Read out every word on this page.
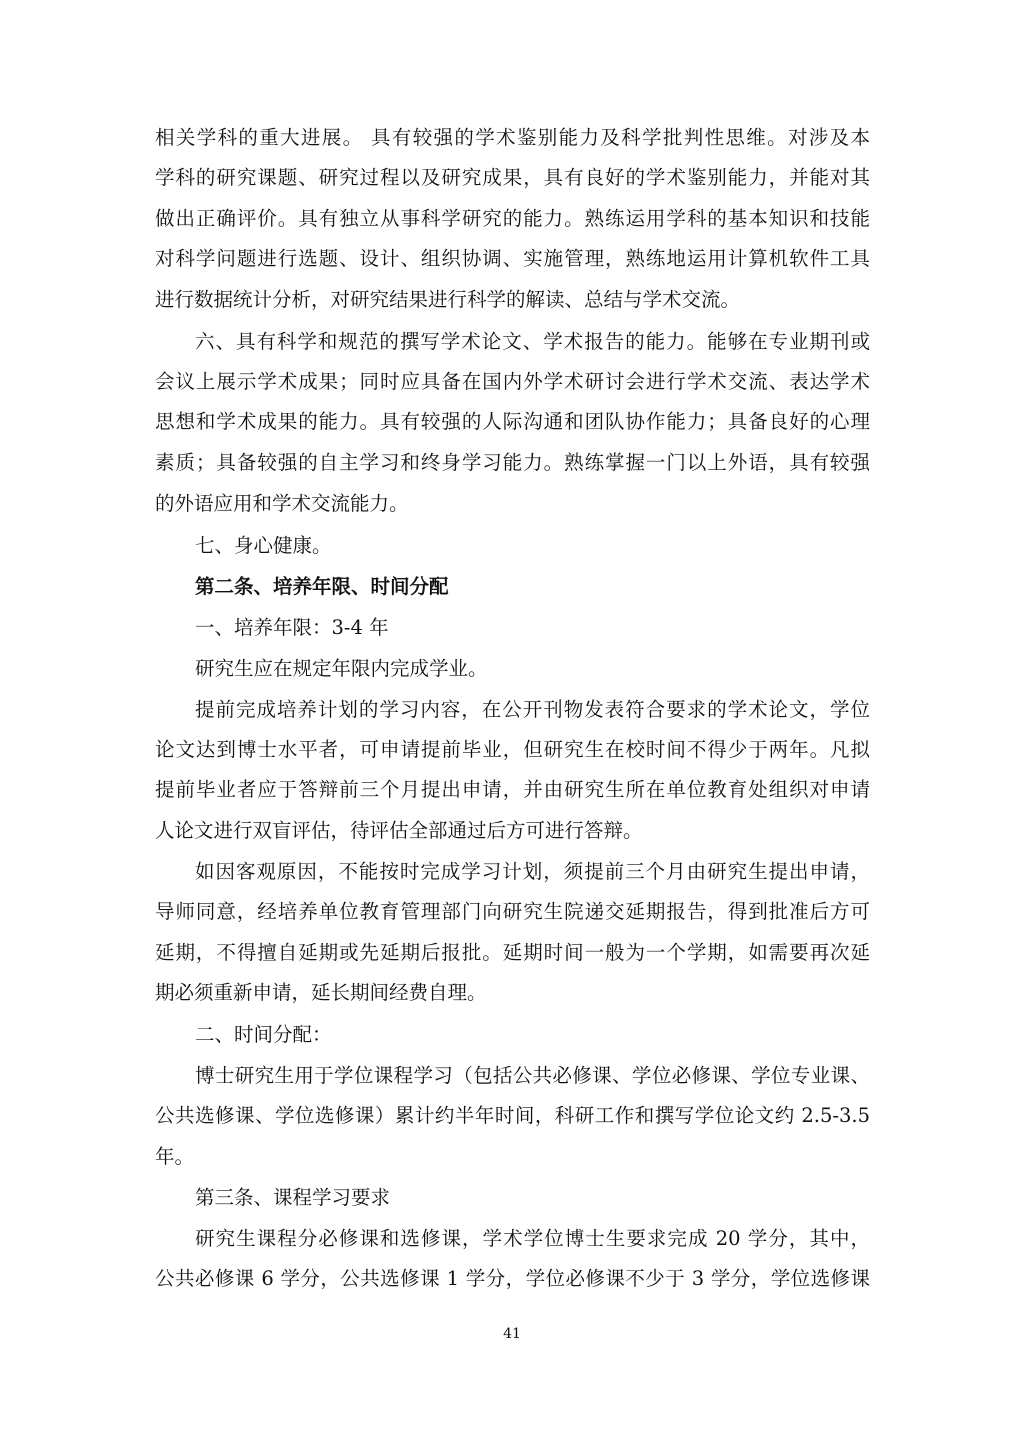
相关学科的重大进展。 具有较强的学术鉴别能力及科学批判性思维。对涉及本
学科的研究课题、研究过程以及研究成果，具有良好的学术鉴别能力，并能对其
做出正确评价。具有独立从事科学研究的能力。熟练运用学科的基本知识和技能
对科学问题进行选题、设计、组织协调、实施管理，熟练地运用计算机软件工具
进行数据统计分析，对研究结果进行科学的解读、总结与学术交流。
六、具有科学和规范的撰写学术论文、学术报告的能力。能够在专业期刊或
会议上展示学术成果；同时应具备在国内外学术研讨会进行学术交流、表达学术
思想和学术成果的能力。具有较强的人际沟通和团队协作能力；具备良好的心理
素质；具备较强的自主学习和终身学习能力。熟练掌握一门以上外语，具有较强
的外语应用和学术交流能力。
七、身心健康。
第二条、培养年限、时间分配
一、培养年限：3-4 年
研究生应在规定年限内完成学业。
提前完成培养计划的学习内容，在公开刊物发表符合要求的学术论文，学位
论文达到博士水平者，可申请提前毕业，但研究生在校时间不得少于两年。凡拟
提前毕业者应于答辩前三个月提出申请，并由研究生所在单位教育处组织对申请
人论文进行双盲评估，待评估全部通过后方可进行答辩。
如因客观原因，不能按时完成学习计划，须提前三个月由研究生提出申请，
导师同意，经培养单位教育管理部门向研究生院递交延期报告，得到批准后方可
延期，不得擅自延期或先延期后报批。延期时间一般为一个学期，如需要再次延
期必须重新申请，延长期间经费自理。
二、时间分配：
博士研究生用于学位课程学习（包括公共必修课、学位必修课、学位专业课、
公共选修课、学位选修课）累计约半年时间，科研工作和撰写学位论文约 2.5-3.5
年。
第三条、课程学习要求
研究生课程分必修课和选修课，学术学位博士生要求完成 20 学分，其中，
公共必修课 6 学分，公共选修课 1 学分，学位必修课不少于 3 学分，学位选修课
41
